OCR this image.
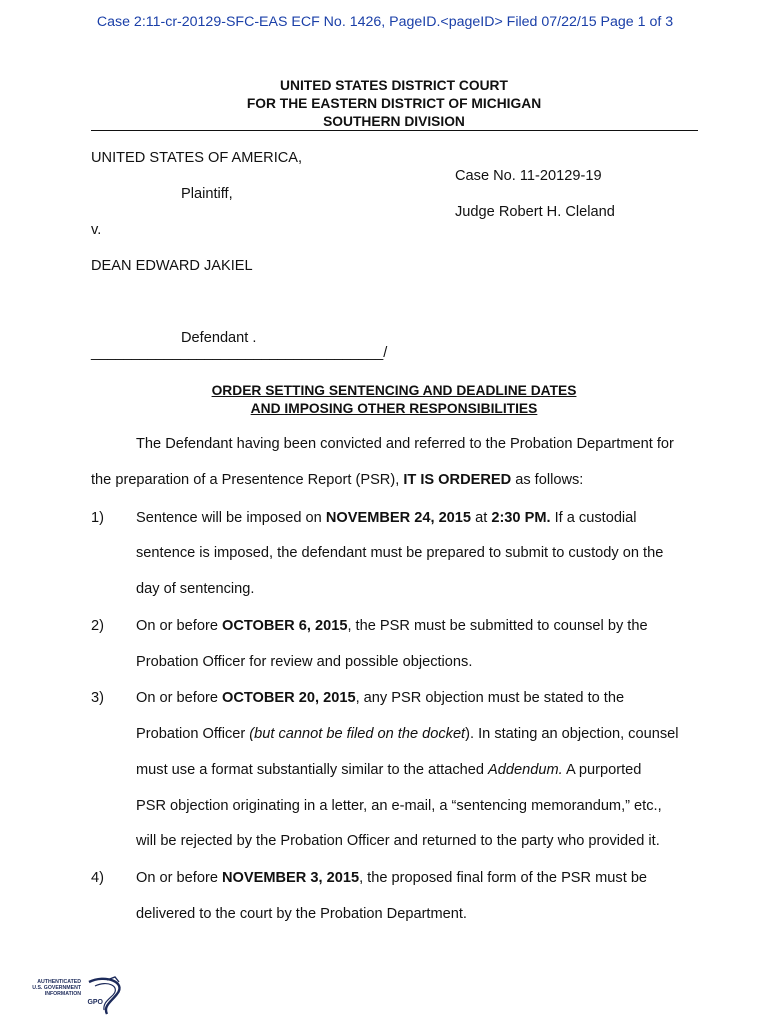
Case 2:11-cr-20129-SFC-EAS ECF No. 1426, PageID.<pageID> Filed 07/22/15 Page 1 of 3
UNITED STATES DISTRICT COURT
FOR THE EASTERN DISTRICT OF MICHIGAN
SOUTHERN DIVISION
UNITED STATES OF AMERICA,
Case No. 11-20129-19
Plaintiff,
Judge Robert H. Cleland
v.
DEAN EDWARD JAKIEL
Defendant .
____________________________________/
ORDER SETTING SENTENCING AND DEADLINE DATES
AND IMPOSING OTHER RESPONSIBILITIES
The Defendant having been convicted and referred to the Probation Department for
the preparation of a Presentence Report (PSR), IT IS ORDERED as follows:
1) Sentence will be imposed on NOVEMBER 24, 2015 at 2:30 PM. If a custodial
sentence is imposed, the defendant must be prepared to submit to custody on the
day of sentencing.
2) On or before OCTOBER 6, 2015, the PSR must be submitted to counsel by the
Probation Officer for review and possible objections.
3) On or before OCTOBER 20, 2015, any PSR objection must be stated to the
Probation Officer (but cannot be filed on the docket). In stating an objection, counsel
must use a format substantially similar to the attached Addendum. A purported
PSR objection originating in a letter, an e-mail, a “sentencing memorandum,” etc.,
will be rejected by the Probation Officer and returned to the party who provided it.
4) On or before NOVEMBER 3, 2015, the proposed final form of the PSR must be
delivered to the court by the Probation Department.
AUTHENTICATED
U.S. GOVERNMENT
INFORMATION
GPO
